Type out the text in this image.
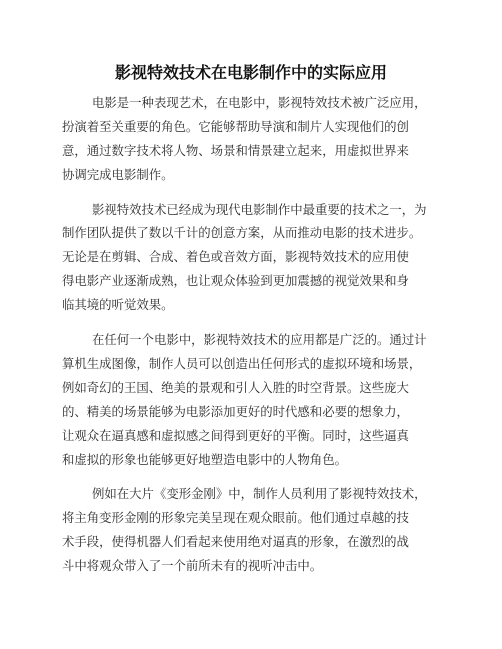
影视特效技术在电影制作中的实际应用
电影是一种表现艺术，在电影中，影视特效技术被广泛应用，
扮演着至关重要的角色。它能够帮助导演和制片人实现他们的创
意，通过数字技术将人物、场景和情景建立起来，用虚拟世界来
协调完成电影制作。
影视特效技术已经成为现代电影制作中最重要的技术之一，为
制作团队提供了数以千计的创意方案，从而推动电影的技术进步。
无论是在剪辑、合成、着色或音效方面，影视特效技术的应用使
得电影产业逐渐成熟，也让观众体验到更加震撼的视觉效果和身
临其境的听觉效果。
在任何一个电影中，影视特效技术的应用都是广泛的。通过计
算机生成图像，制作人员可以创造出任何形式的虚拟环境和场景，
例如奇幻的王国、绝美的景观和引人入胜的时空背景。这些庞大
的、精美的场景能够为电影添加更好的时代感和必要的想象力，
让观众在逼真感和虚拟感之间得到更好的平衡。同时，这些逼真
和虚拟的形象也能够更好地塑造电影中的人物角色。
例如在大片《变形金刚》中，制作人员利用了影视特效技术，
将主角变形金刚的形象完美呈现在观众眼前。他们通过卓越的技
术手段，使得机器人们看起来使用绝对逼真的形象，在激烈的战
斗中将观众带入了一个前所未有的视听冲击中。
